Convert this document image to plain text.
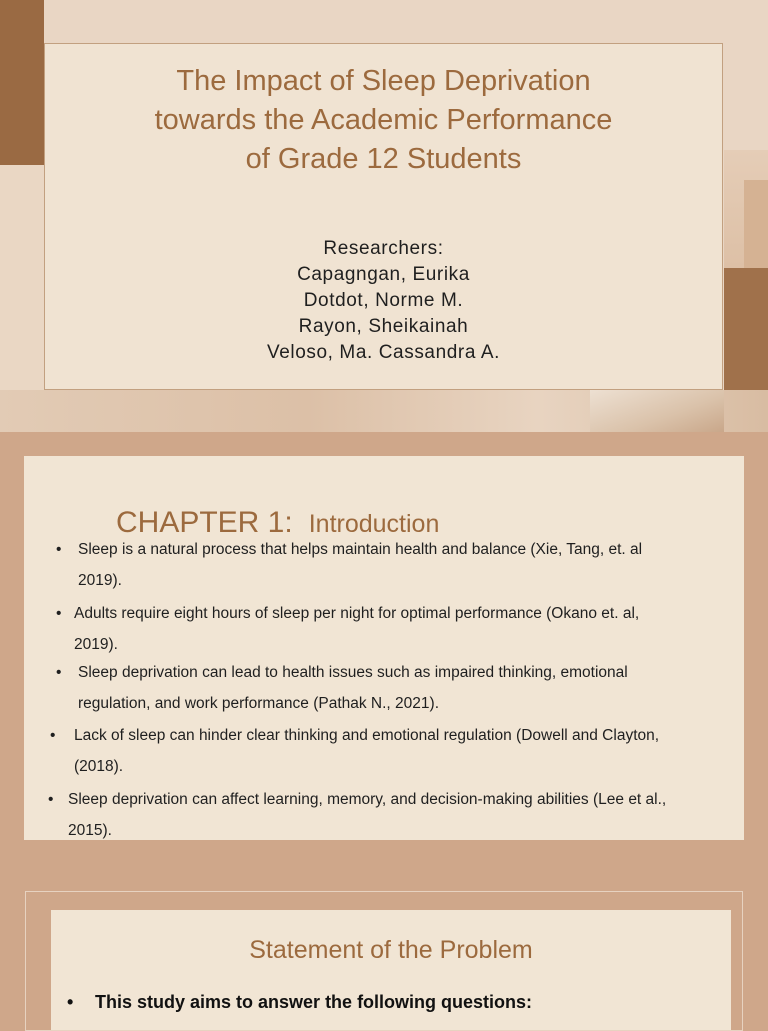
The Impact of Sleep Deprivation
towards the Academic Performance
of Grade 12 Students
Researchers:
Capagngan, Eurika
Dotdot, Norme M.
Rayon, Sheikainah
Veloso, Ma. Cassandra A.
CHAPTER 1: Introduction
• Sleep is a natural process that helps maintain health and balance (Xie, Tang, et. al
2019).
• Adults require eight hours of sleep per night for optimal performance (Okano et. al,
2019).
• Sleep deprivation can lead to health issues such as impaired thinking, emotional
regulation, and work performance (Pathak N., 2021).
• Lack of sleep can hinder clear thinking and emotional regulation (Dowell and Clayton,
(2018).
• Sleep deprivation can affect learning, memory, and decision-making abilities (Lee et al.,
2015).
Statement of the Problem
• This study aims to answer the following questions:
